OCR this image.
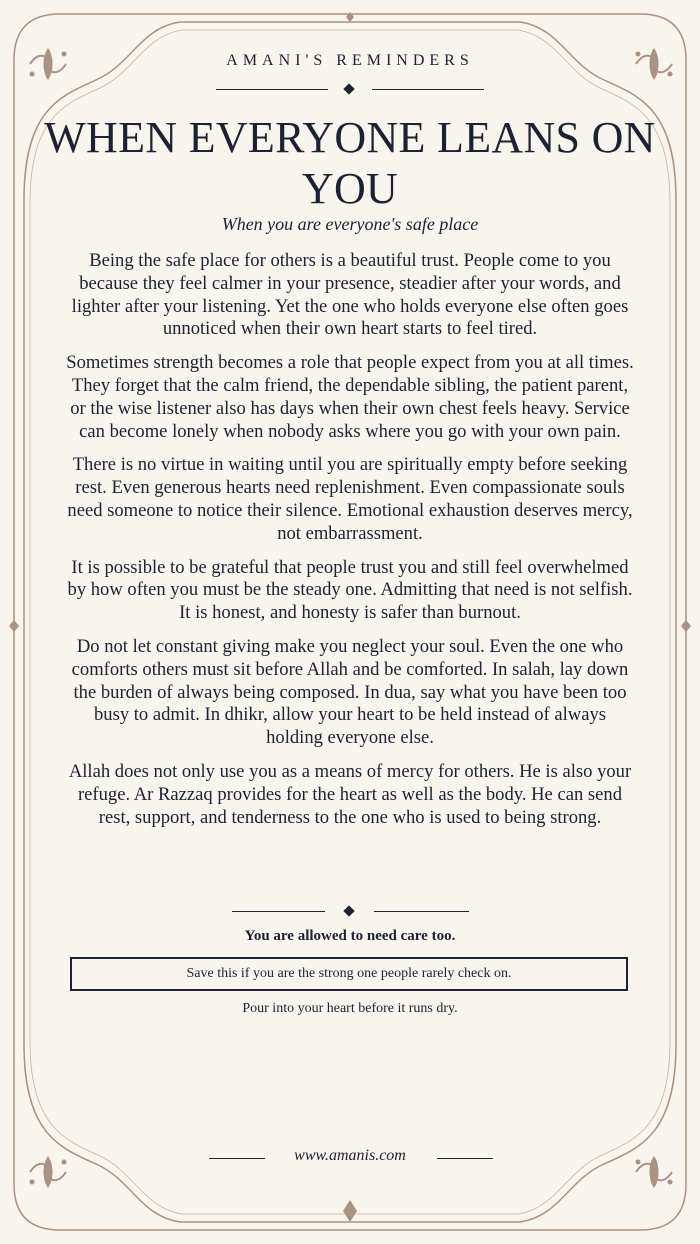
AMANI'S REMINDERS
WHEN EVERYONE LEANS ON YOU
When you are everyone's safe place

Being the safe place for others is a beautiful trust. People come to you because they feel calmer in your presence, steadier after your words, and lighter after your listening. Yet the one who holds everyone else often goes unnoticed when their own heart starts to feel tired.

Sometimes strength becomes a role that people expect from you at all times. They forget that the calm friend, the dependable sibling, the patient parent, or the wise listener also has days when their own chest feels heavy. Service can become lonely when nobody asks where you go with your own pain.

There is no virtue in waiting until you are spiritually empty before seeking rest. Even generous hearts need replenishment. Even compassionate souls need someone to notice their silence. Emotional exhaustion deserves mercy, not embarrassment.

It is possible to be grateful that people trust you and still feel overwhelmed by how often you must be the steady one. Admitting that need is not selfish. It is honest, and honesty is safer than burnout.

Do not let constant giving make you neglect your soul. Even the one who comforts others must sit before Allah and be comforted. In salah, lay down the burden of always being composed. In dua, say what you have been too busy to admit. In dhikr, allow your heart to be held instead of always holding everyone else.

Allah does not only use you as a means of mercy for others. He is also your refuge. Ar Razzaq provides for the heart as well as the body. He can send rest, support, and tenderness to the one who is used to being strong.

You are allowed to need care too.
Save this if you are the strong one people rarely check on.
Pour into your heart before it runs dry.
www.amanis.com
